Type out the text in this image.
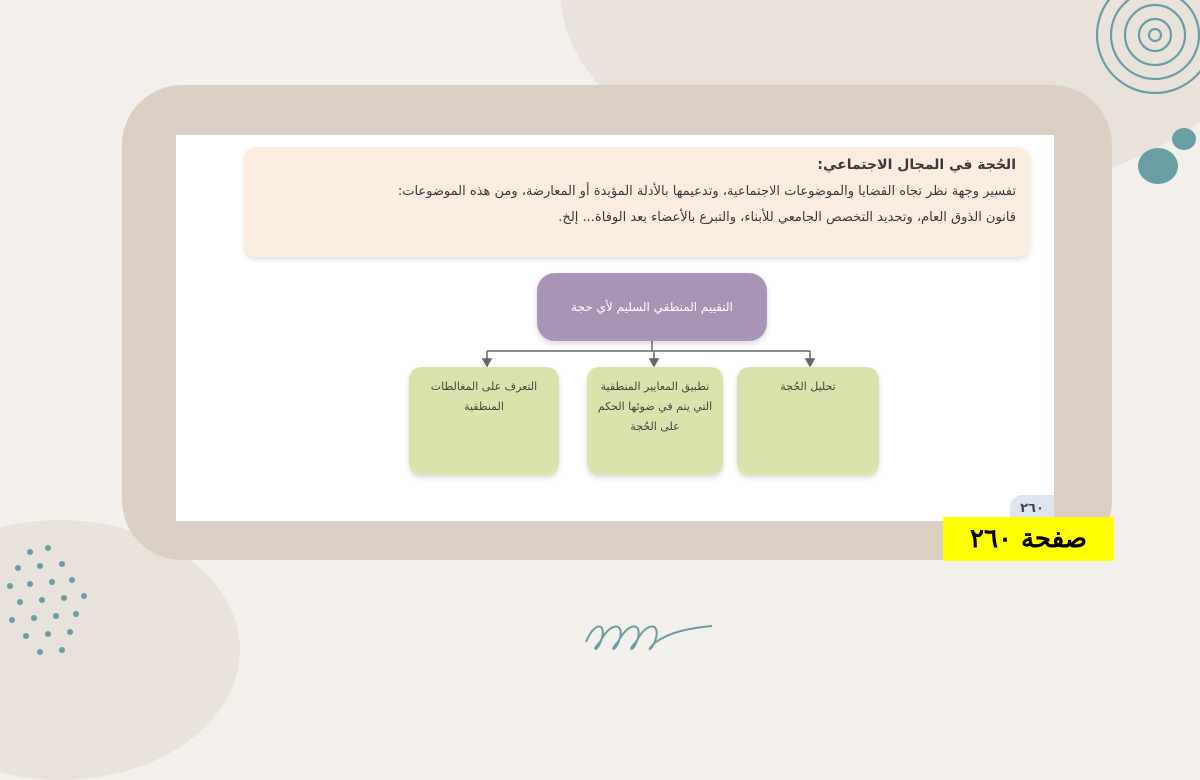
الحُجة في المجال الاجتماعي:
تفسير وجهة نظر تجاه القضايا والموضوعات الاجتماعية، وتدعيمها بالأدلة المؤيدة أو المعارضة، ومن هذه الموضوعات:
قانون الذوق العام، وتحديد التخصص الجامعي للأبناء، والتبرع بالأعضاء بعد الوفاة... إلخ.
التقييم المنطقي السليم لأي حجة
تحليل الحُجة
تطبيق المعايير المنطقية التي يتم في ضوئها الحكم على الحُجة
التعرف على المغالطات المنطقية
٢٦٠
صفحة ٢٦٠
